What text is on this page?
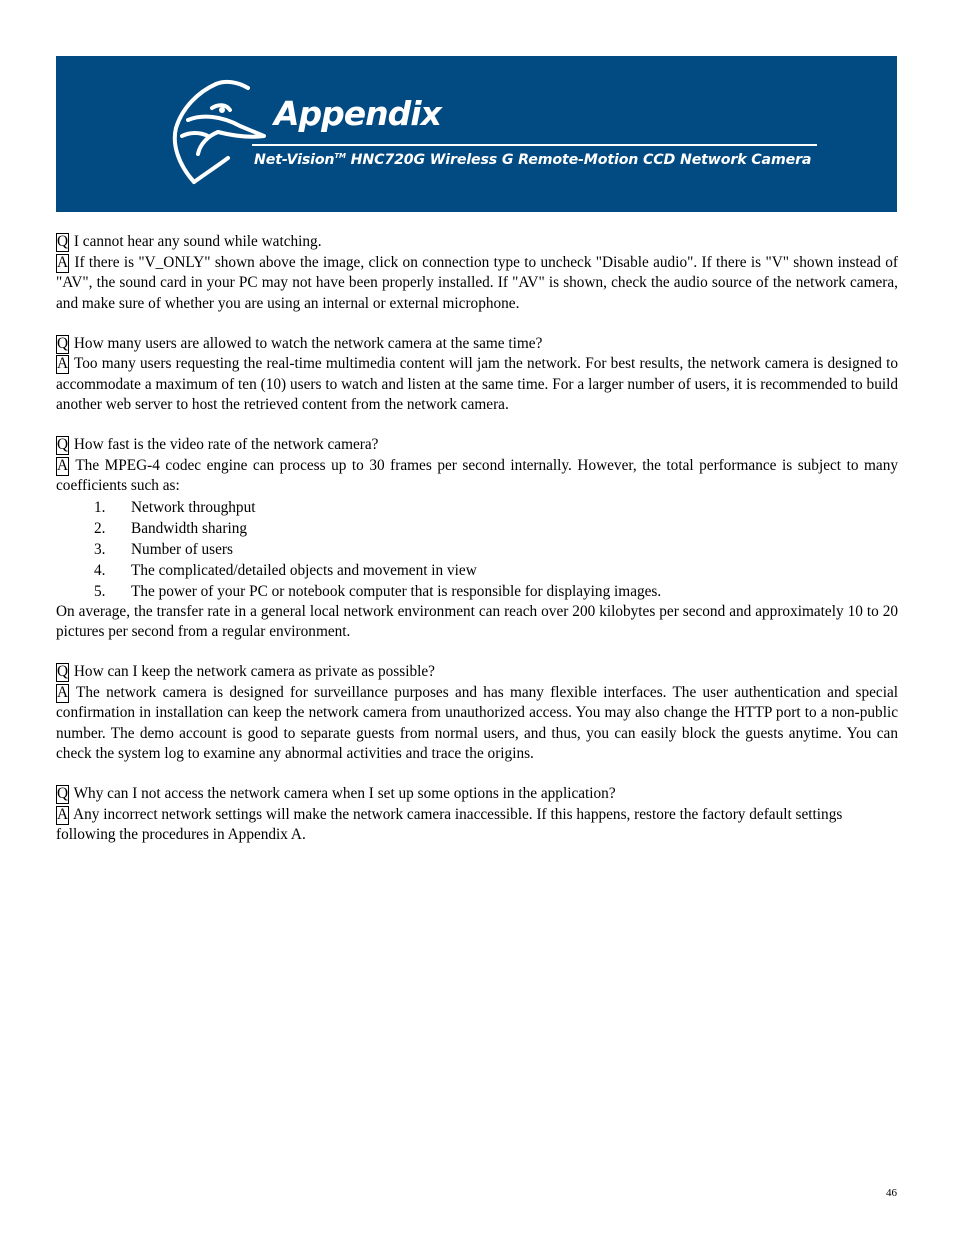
Appendix
Net-Vision™ HNC720G Wireless G Remote-Motion CCD Network Camera

Q I cannot hear any sound while watching.

A If there is "V_ONLY" shown above the image, click on connection type to uncheck "Disable audio". If there is "V" shown instead of "AV", the sound card in your PC may not have been properly installed. If "AV" is shown, check the audio source of the network camera, and make sure of whether you are using an internal or external microphone.

Q How many users are allowed to watch the network camera at the same time?

A Too many users requesting the real-time multimedia content will jam the network. For best results, the network camera is designed to accommodate a maximum of ten (10) users to watch and listen at the same time. For a larger number of users, it is recommended to build another web server to host the retrieved content from the network camera.

Q How fast is the video rate of the network camera?

A The MPEG-4 codec engine can process up to 30 frames per second internally. However, the total performance is subject to many coefficients such as:

1. Network throughput
2. Bandwidth sharing
3. Number of users
4. The complicated/detailed objects and movement in view
5. The power of your PC or notebook computer that is responsible for displaying images.

On average, the transfer rate in a general local network environment can reach over 200 kilobytes per second and approximately 10 to 20 pictures per second from a regular environment.

Q How can I keep the network camera as private as possible?

A The network camera is designed for surveillance purposes and has many flexible interfaces. The user authentication and special confirmation in installation can keep the network camera from unauthorized access. You may also change the HTTP port to a non-public number. The demo account is good to separate guests from normal users, and thus, you can easily block the guests anytime. You can check the system log to examine any abnormal activities and trace the origins.

Q Why can I not access the network camera when I set up some options in the application?

A Any incorrect network settings will make the network camera inaccessible. If this happens, restore the factory default settings following the procedures in Appendix A.

46
